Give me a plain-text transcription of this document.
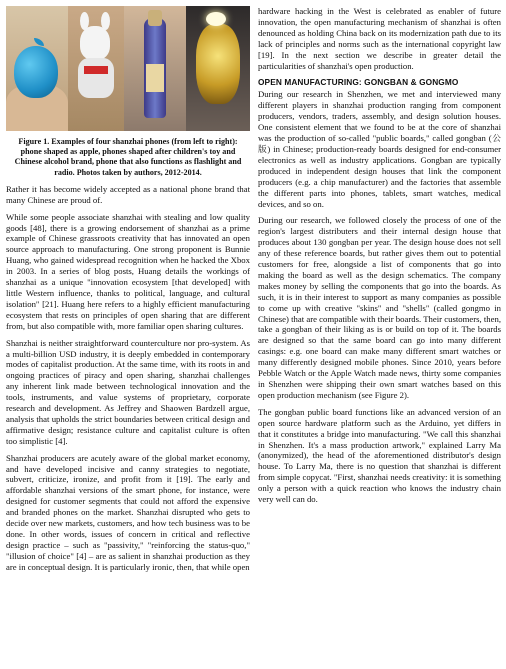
Figure 1. Examples of four shanzhai phones (from left to right): phone shaped as apple, phones shaped after children's toy and Chinese alcohol brand, phone that also functions as flashlight and radio. Photos taken by authors, 2012-2014.

Rather it has become widely accepted as a national phone brand that many Chinese are proud of.

While some people associate shanzhai with stealing and low quality goods [48], there is a growing endorsement of shanzhai as a prime example of Chinese grassroots creativity that has innovated an open source approach to manufacturing. One strong proponent is Bunnie Huang, who gained widespread recognition when he hacked the Xbox in 2003. In a series of blog posts, Huang details the workings of shanzhai as a unique "innovation ecosystem [that developed] with little Western influence, thanks to political, language, and cultural isolation" [21]. Huang here refers to a highly efficient manufacturing ecosystem that rests on principles of open sharing that are different from, but also compatible with, more familiar open sharing cultures.

Shanzhai is neither straightforward counterculture nor pro-system. As a multi-billion USD industry, it is deeply embedded in contemporary modes of capitalist production. At the same time, with its roots in and ongoing practices of piracy and open sharing, shanzhai challenges any inherent link made between technological innovation and the tools, instruments, and value systems of proprietary, corporate research and development. As Jeffrey and Shaowen Bardzell argue, analysis that upholds the strict boundaries between critical design and affirmative design; resistance culture and capitalist culture is often too simplistic [4].

Shanzhai producers are acutely aware of the global market economy, and have developed incisive and canny strategies to negotiate, subvert, criticize, ironize, and profit from it [19]. The early and affordable shanzhai versions of the smart phone, for instance, were designed for customer segments that could not afford the expensive and branded phones on the market. Shanzhai disrupted who gets to decide over new markets, customers, and how tech business was to be done. In other words, issues of concern in critical and reflective design practice – such as "passivity," "reinforcing the status-quo," "illusion of choice" [4] – are as salient in shanzhai production as they are in conceptual design. It is particularly ironic, then, that while open

hardware hacking in the West is celebrated as enabler of future innovation, the open manufacturing mechanism of shanzhai is often denounced as holding China back on its modernization path due to its lack of principles and norms such as the international copyright law [19]. In the next section we describe in greater detail the particularities of shanzhai's open production.

OPEN MANUFACTURING: GONGBAN & GONGMO

During our research in Shenzhen, we met and interviewed many different players in shanzhai production ranging from component producers, vendors, traders, assembly, and design solution houses. One consistent element that we found to be at the core of shanzhai was the production of so-called "public boards," called gongban (公版) in Chinese; production-ready boards designed for end-consumer electronics as well as industry applications. Gongban are typically produced in independent design houses that link the component producers (e.g. a chip manufacturer) and the factories that assemble the different parts into phones, tablets, smart watches, medical devices, and so on.

During our research, we followed closely the process of one of the region's largest distributers and their internal design house that produces about 130 gongban per year. The design house does not sell any of these reference boards, but rather gives them out to potential customers for free, alongside a list of components that go into making the board as well as the design schematics. The company makes money by selling the components that go into the boards. As such, it is in their interest to support as many companies as possible to come up with creative "skins" and "shells" (called gongmo in Chinese) that are compatible with their boards. Their customers, then, take a gongban of their liking as is or build on top of it. The boards are designed so that the same board can go into many different casings: e.g. one board can make many different smart watches or many differently designed mobile phones. Since 2010, years before Pebble Watch or the Apple Watch made news, thirty some companies in Shenzhen were shipping their own smart watches based on this open production mechanism (see Figure 2).

The gongban public board functions like an advanced version of an open source hardware platform such as the Arduino, yet differs in that it constitutes a bridge into manufacturing. "We call this shanzhai in Shenzhen. It's a mass production artwork," explained Larry Ma (anonymized), the head of the aforementioned distributor's design house. To Larry Ma, there is no question that shanzhai is different from simple copycat. "First, shanzhai needs creativity: it is something only a person with a quick reaction who knows the industry chain very well can do.
